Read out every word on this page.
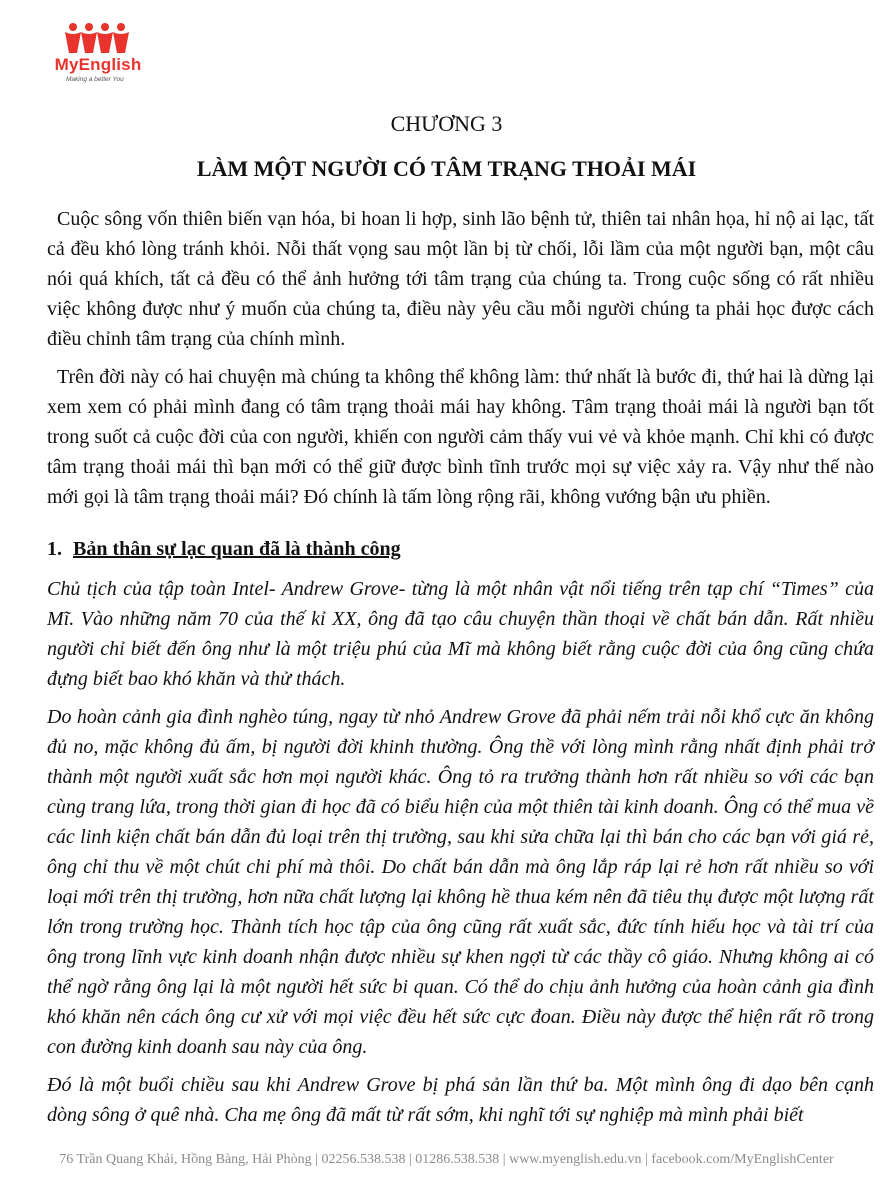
MyEnglish
Making a better You
CHƯƠNG 3
LÀM MỘT NGƯỜI CÓ TÂM TRẠNG THOẢI MÁI

Cuộc sông vốn thiên biến vạn hóa, bi hoan li hợp, sinh lão bệnh tử, thiên tai nhân họa, hỉ nộ ai lạc, tất cả đều khó lòng tránh khỏi. Nỗi thất vọng sau một lần bị từ chối, lỗi lầm của một người bạn, một câu nói quá khích, tất cả đều có thể ảnh hưởng tới tâm trạng của chúng ta. Trong cuộc sống có rất nhiều việc không được như ý muốn của chúng ta, điều này yêu cầu mỗi người chúng ta phải học được cách điều chỉnh tâm trạng của chính mình.

Trên đời này có hai chuyện mà chúng ta không thể không làm: thứ nhất là bước đi, thứ hai là dừng lại xem xem có phải mình đang có tâm trạng thoải mái hay không. Tâm trạng thoải mái là người bạn tốt trong suốt cả cuộc đời của con người, khiến con người cảm thấy vui vẻ và khỏe mạnh. Chỉ khi có được tâm trạng thoải mái thì bạn mới có thể giữ được bình tĩnh trước mọi sự việc xảy ra. Vậy như thế nào mới gọi là tâm trạng thoải mái? Đó chính là tấm lòng rộng rãi, không vướng bận ưu phiền.

1. Bản thân sự lạc quan đã là thành công

Chủ tịch của tập toàn Intel- Andrew Grove- từng là một nhân vật nổi tiếng trên tạp chí “Times” của Mĩ. Vào những năm 70 của thế kỉ XX, ông đã tạo câu chuyện thần thoại về chất bán dẫn. Rất nhiều người chỉ biết đến ông như là một triệu phú của Mĩ mà không biết rằng cuộc đời của ông cũng chứa đựng biết bao khó khăn và thử thách.

Do hoàn cảnh gia đình nghèo túng, ngay từ nhỏ Andrew Grove đã phải nếm trải nỗi khổ cực ăn không đủ no, mặc không đủ ấm, bị người đời khinh thường. Ông thề với lòng mình rằng nhất định phải trở thành một người xuất sắc hơn mọi người khác. Ông tỏ ra trưởng thành hơn rất nhiều so với các bạn cùng trang lứa, trong thời gian đi học đã có biểu hiện của một thiên tài kinh doanh. Ông có thể mua về các linh kiện chất bán dẫn đủ loại trên thị trường, sau khi sửa chữa lại thì bán cho các bạn với giá rẻ, ông chỉ thu về một chút chi phí mà thôi. Do chất bán dẫn mà ông lắp ráp lại rẻ hơn rất nhiều so với loại mới trên thị trường, hơn nữa chất lượng lại không hề thua kém nên đã tiêu thụ được một lượng rất lớn trong trường học. Thành tích học tập của ông cũng rất xuất sắc, đức tính hiếu học và tài trí của ông trong lĩnh vực kinh doanh nhận được nhiều sự khen ngợi từ các thầy cô giáo. Nhưng không ai có thể ngờ rằng ông lại là một người hết sức bi quan. Có thể do chịu ảnh hưởng của hoàn cảnh gia đình khó khăn nên cách ông cư xử với mọi việc đều hết sức cực đoan. Điều này được thể hiện rất rõ trong con đường kinh doanh sau này của ông.

Đó là một buổi chiều sau khi Andrew Grove bị phá sản lần thứ ba. Một mình ông đi dạo bên cạnh dòng sông ở quê nhà. Cha mẹ ông đã mất từ rất sớm, khi nghĩ tới sự nghiệp mà mình phải biết

76 Trần Quang Khải, Hồng Bàng, Hải Phòng | 02256.538.538 | 01286.538.538 | www.myenglish.edu.vn | facebook.com/MyEnglishCenter
